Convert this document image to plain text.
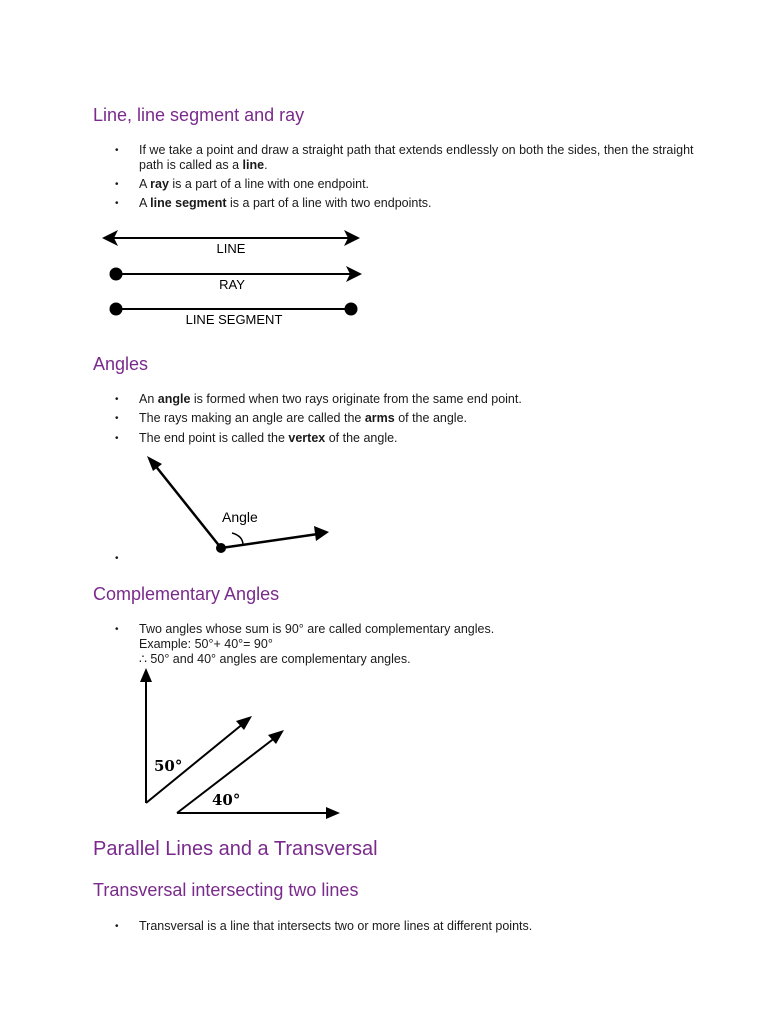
Line, line segment and ray
• If we take a point and draw a straight path that extends endlessly on both the sides, then the straight path is called as a line.
• A ray is a part of a line with one endpoint.
• A line segment is a part of a line with two endpoints.
LINE
RAY
LINE SEGMENT
Angles
• An angle is formed when two rays originate from the same end point.
• The rays making an angle are called the arms of the angle.
• The end point is called the vertex of the angle.
Angle
•
Complementary Angles
• Two angles whose sum is 90° are called complementary angles.
Example: 50°+ 40°= 90°
∴ 50° and 40° angles are complementary angles.
50°
40°
Parallel Lines and a Transversal
Transversal intersecting two lines
• Transversal is a line that intersects two or more lines at different points.
